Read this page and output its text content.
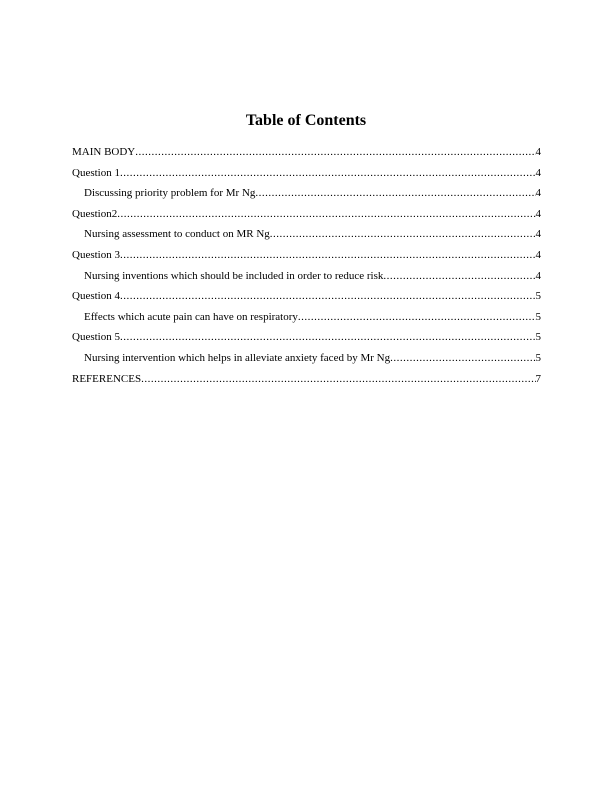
Table of Contents
MAIN BODY .....	4
Question 1 .....	4
Discussing priority problem for Mr Ng .....	4
Question2 .....	4
Nursing assessment to conduct on MR Ng .....	4
Question 3 .....	4
Nursing inventions which should be included in order to reduce risk .....	4
Question 4 .....	5
Effects which acute pain can have on respiratory .....	5
Question 5 .....	5
Nursing intervention which helps in alleviate anxiety faced by Mr Ng .....	5
REFERENCES .....	7
